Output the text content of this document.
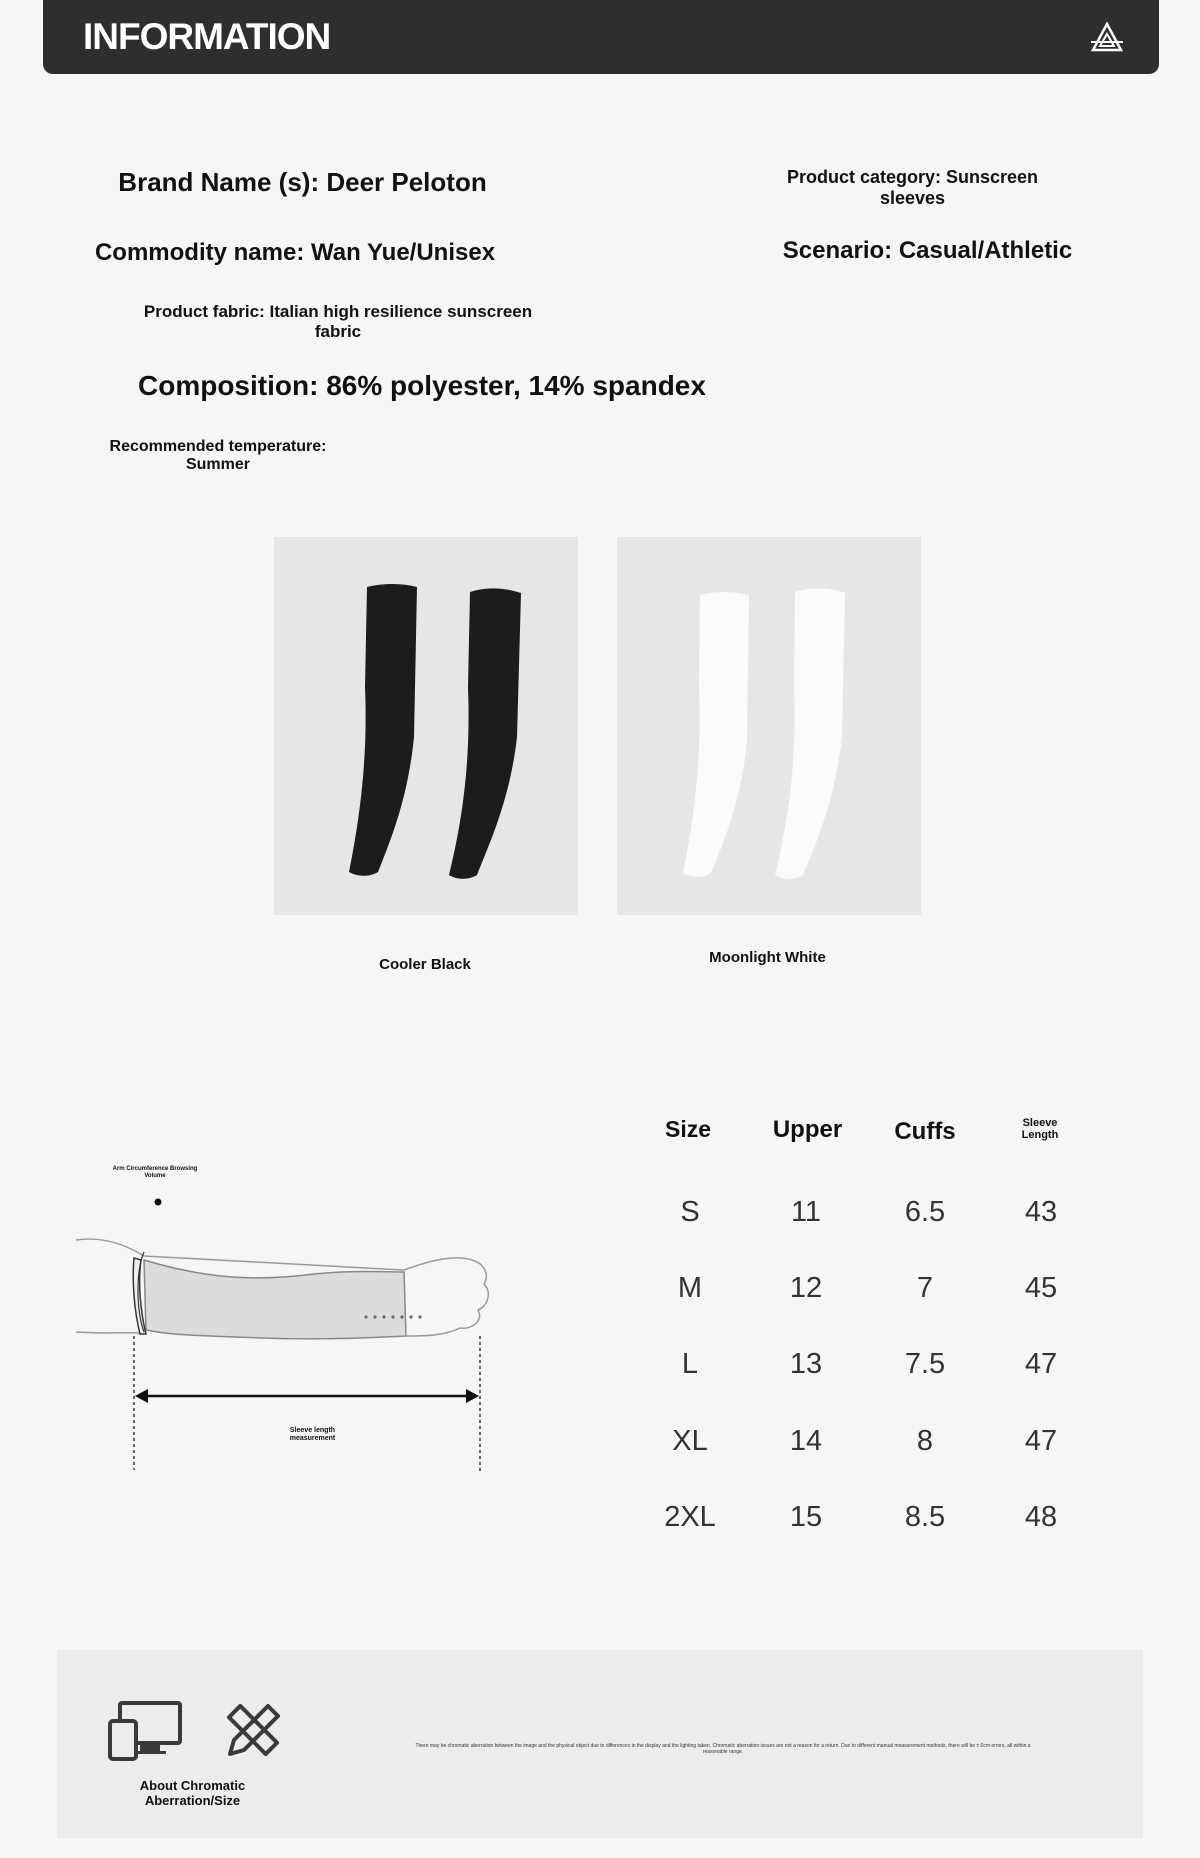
INFORMATION
Brand Name (s): Deer Peloton	Product category: Sunscreen sleeves
Commodity name: Wan Yue/Unisex	Scenario: Casual/Athletic
Product fabric: Italian high resilience sunscreen fabric
Composition: 86% polyester, 14% spandex
Recommended temperature: Summer
Cooler Black	Moonlight White
Arm Circumference Browsing Volume
Sleeve length measurement
Size	Upper	Cuffs	Sleeve Length
S	11	6.5	43
M	12	7	45
L	13	7.5	47
XL	14	8	47
2XL	15	8.5	48
About Chromatic Aberration/Size
There may be chromatic aberration between the image and the physical object due to differences in the display and the lighting taken. Chromatic aberration issues are not a reason for a return. Due to different manual measurement methods, there will be ± 0cm errors, all within a reasonable range.
